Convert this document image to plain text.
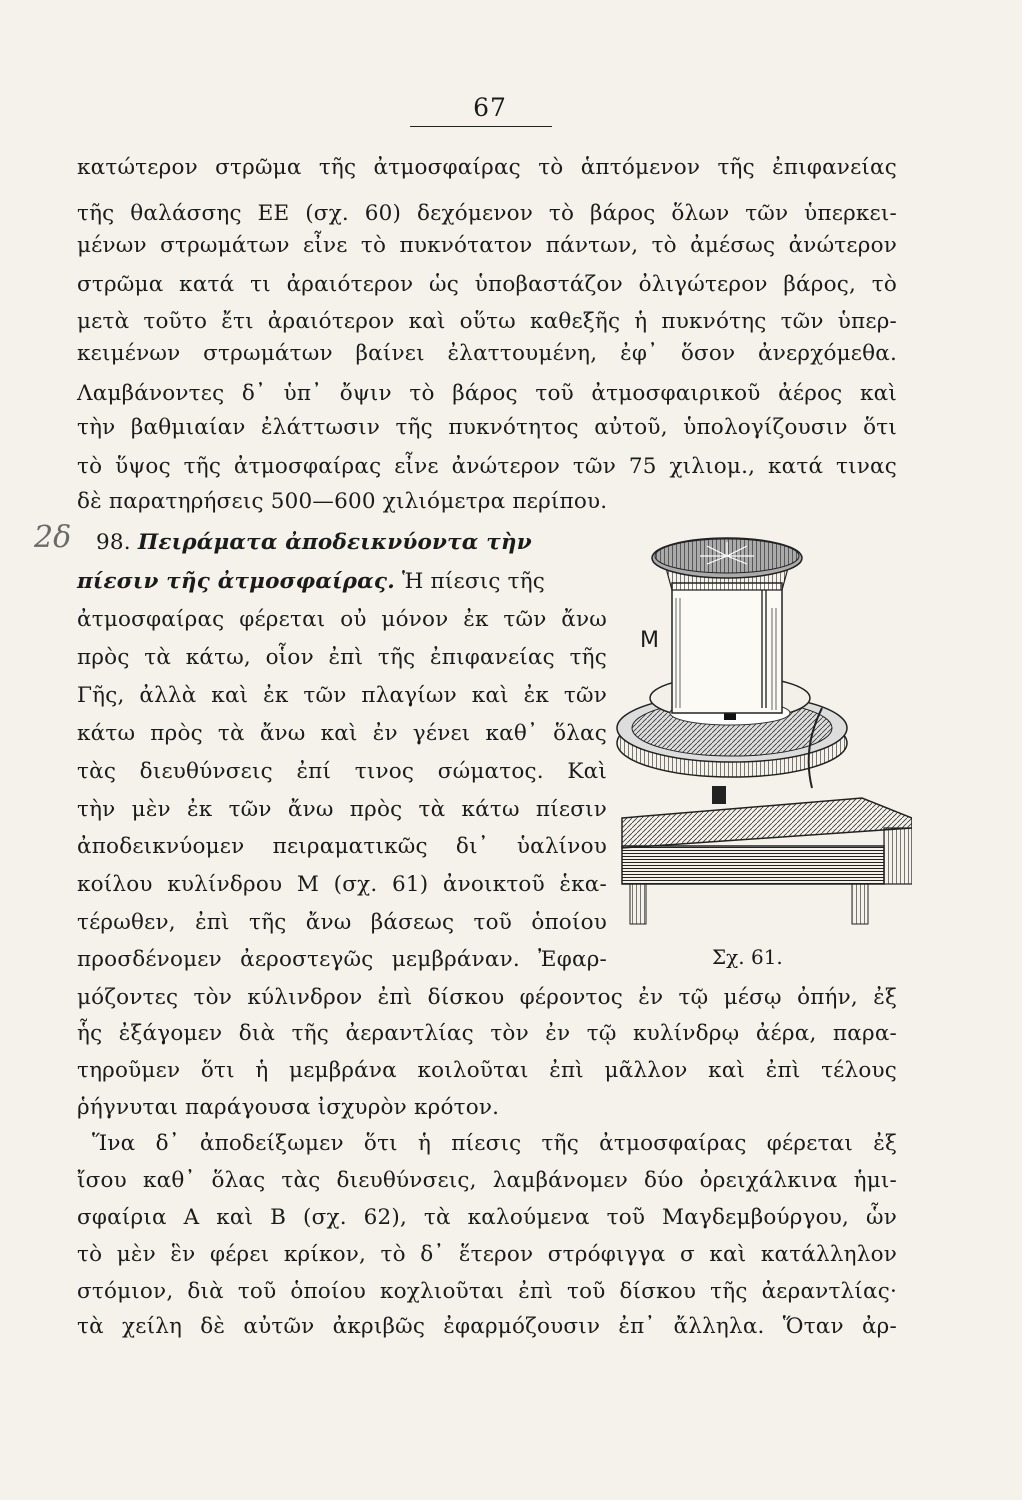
67
2δ
κατώτερον στρῶμα τῆς ἀτμοσφαίρας τὸ ἁπτόμενον τῆς ἐπιφανείας
τῆς θαλάσσης ΕΕ (σχ. 60) δεχόμενον τὸ βάρος ὅλων τῶν ὑπερκει-
μένων στρωμάτων εἶνε τὸ πυκνότατον πάντων, τὸ ἀμέσως ἀνώτερον
στρῶμα κατά τι ἀραιότερον ὡς ὑποβαστάζον ὀλιγώτερον βάρος, τὸ
μετὰ τοῦτο ἔτι ἀραιότερον καὶ οὕτω καθεξῆς ἡ πυκνότης τῶν ὑπερ-
κειμένων στρωμάτων βαίνει ἐλαττουμένη, ἐφ᾽ ὅσον ἀνερχόμεθα.
Λαμβάνοντες δ᾽ ὑπ᾽ ὄψιν τὸ βάρος τοῦ ἀτμοσφαιρικοῦ ἀέρος καὶ
τὴν βαθμιαίαν ἐλάττωσιν τῆς πυκνότητος αὐτοῦ, ὑπολογίζουσιν ὅτι
τὸ ὕψος τῆς ἀτμοσφαίρας εἶνε ἀνώτερον τῶν 75 χιλιομ., κατά τινας
δὲ παρατηρήσεις 500—600 χιλιόμετρα περίπου.
98. Πειράματα ἀποδεικνύοντα τὴν
πίεσιν τῆς ἀτμοσφαίρας. Ἡ πίεσις τῆς
ἀτμοσφαίρας φέρεται οὐ μόνον ἐκ τῶν ἄνω
πρὸς τὰ κάτω, οἷον ἐπὶ τῆς ἐπιφανείας τῆς
Γῆς, ἀλλὰ καὶ ἐκ τῶν πλαγίων καὶ ἐκ τῶν
κάτω πρὸς τὰ ἄνω καὶ ἐν γένει καθ᾽ ὅλας
τὰς διευθύνσεις ἐπί τινος σώματος. Καὶ
τὴν μὲν ἐκ τῶν ἄνω πρὸς τὰ κάτω πίεσιν
ἀποδεικνύομεν πειραματικῶς δι᾽ ὑαλίνου
κοίλου κυλίνδρου Μ (σχ. 61) ἀνοικτοῦ ἑκα-
τέρωθεν, ἐπὶ τῆς ἄνω βάσεως τοῦ ὁποίου
προσδένομεν ἀεροστεγῶς μεμβράναν. Ἐφαρ-
M
Σχ. 61.
μόζοντες τὸν κύλινδρον ἐπὶ δίσκου φέροντος ἐν τῷ μέσῳ ὀπήν, ἐξ
ἧς ἐξάγομεν διὰ τῆς ἀεραντλίας τὸν ἐν τῷ κυλίνδρῳ ἀέρα, παρα-
τηροῦμεν ὅτι ἡ μεμβράνα κοιλοῦται ἐπὶ μᾶλλον καὶ ἐπὶ τέλους
ῥήγνυται παράγουσα ἰσχυρὸν κρότον.
Ἵνα δ᾽ ἀποδείξωμεν ὅτι ἡ πίεσις τῆς ἀτμοσφαίρας φέρεται ἐξ
ἴσου καθ᾽ ὅλας τὰς διευθύνσεις, λαμβάνομεν δύο ὀρειχάλκινα ἡμι-
σφαίρια Α καὶ Β (σχ. 62), τὰ καλούμενα τοῦ Μαγδεμβούργου, ὧν
τὸ μὲν ἓν φέρει κρίκον, τὸ δ᾽ ἕτερον στρόφιγγα σ καὶ κατάλληλον
στόμιον, διὰ τοῦ ὁποίου κοχλιοῦται ἐπὶ τοῦ δίσκου τῆς ἀεραντλίας·
τὰ χείλη δὲ αὐτῶν ἀκριβῶς ἐφαρμόζουσιν ἐπ᾽ ἄλληλα. Ὅταν ἀρ-
